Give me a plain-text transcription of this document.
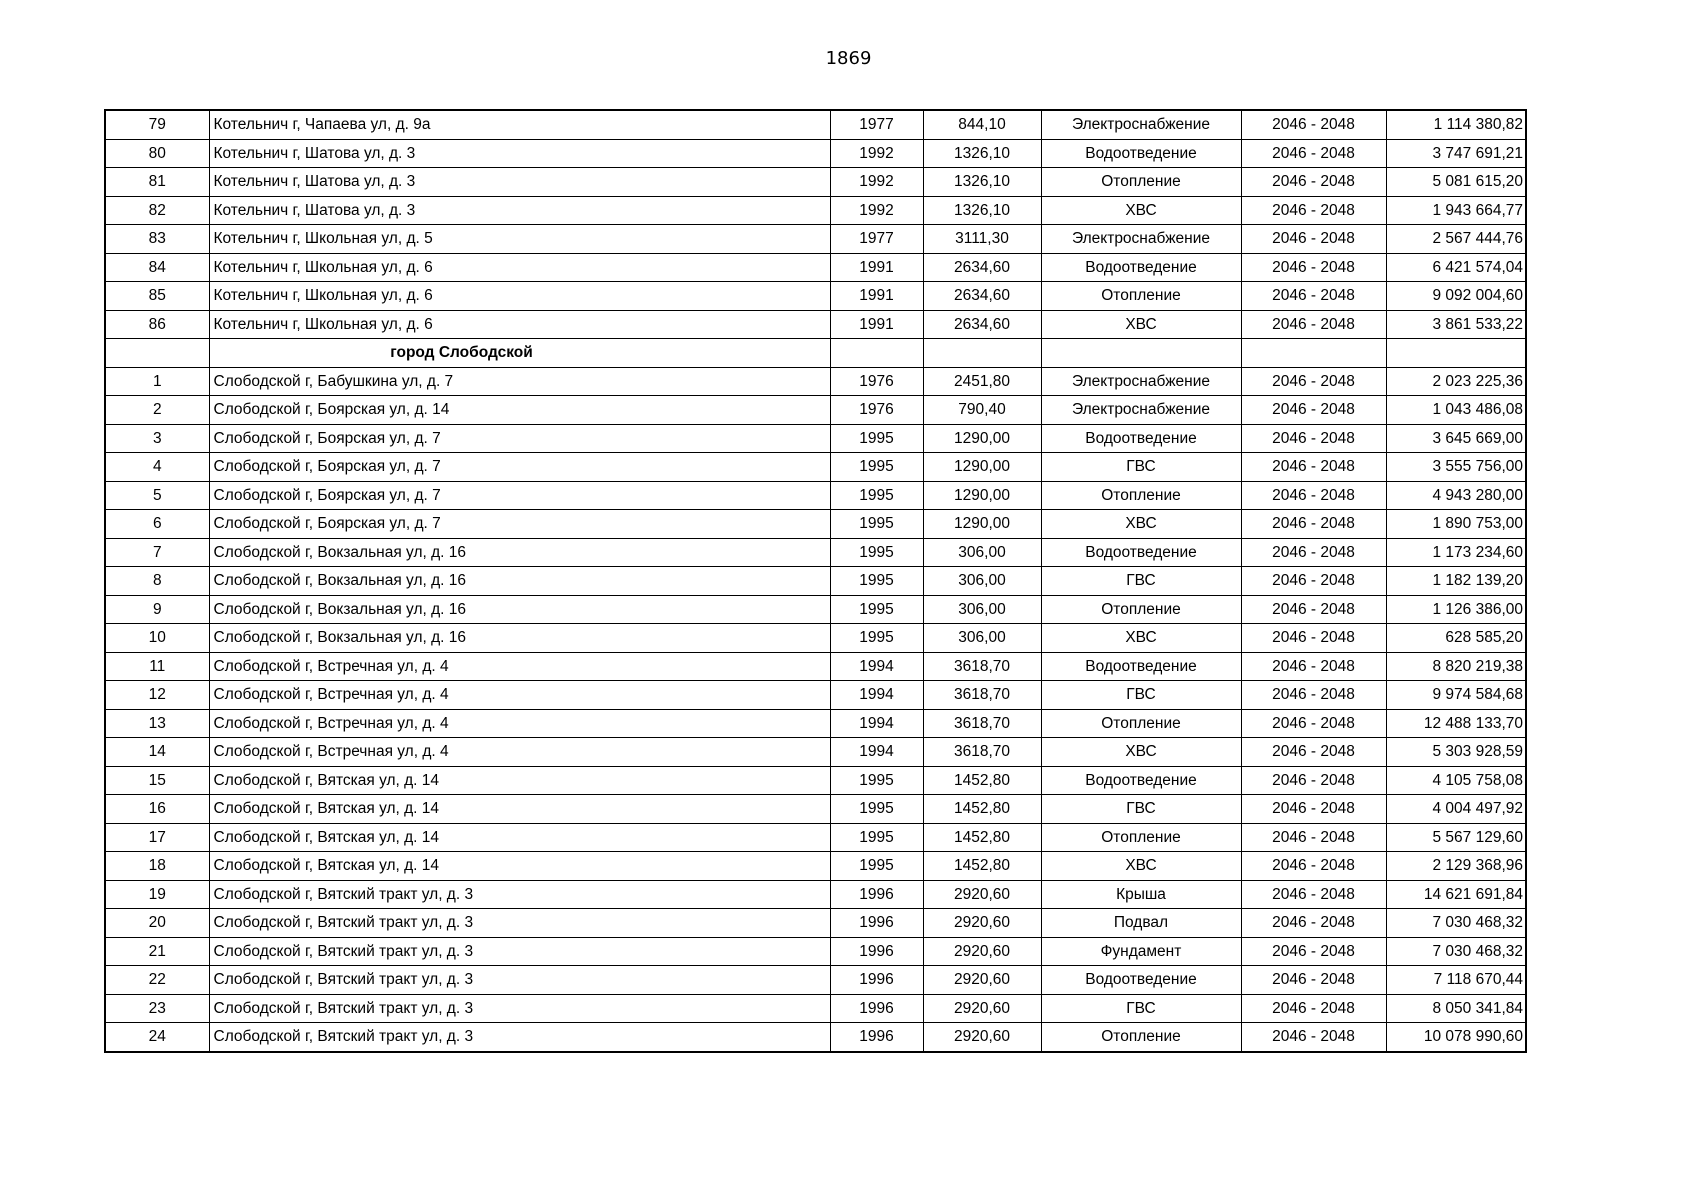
1869
79	Котельнич г, Чапаева ул, д. 9а	1977	844,10	Электроснабжение	2046 - 2048	1 114 380,82
80	Котельнич г, Шатова ул, д. 3	1992	1326,10	Водоотведение	2046 - 2048	3 747 691,21
81	Котельнич г, Шатова ул, д. 3	1992	1326,10	Отопление	2046 - 2048	5 081 615,20
82	Котельнич г, Шатова ул, д. 3	1992	1326,10	ХВС	2046 - 2048	1 943 664,77
83	Котельнич г, Школьная ул, д. 5	1977	3111,30	Электроснабжение	2046 - 2048	2 567 444,76
84	Котельнич г, Школьная ул, д. 6	1991	2634,60	Водоотведение	2046 - 2048	6 421 574,04
85	Котельнич г, Школьная ул, д. 6	1991	2634,60	Отопление	2046 - 2048	9 092 004,60
86	Котельнич г, Школьная ул, д. 6	1991	2634,60	ХВС	2046 - 2048	3 861 533,22
	город Слободской					
1	Слободской г, Бабушкина ул, д. 7	1976	2451,80	Электроснабжение	2046 - 2048	2 023 225,36
2	Слободской г, Боярская ул, д. 14	1976	790,40	Электроснабжение	2046 - 2048	1 043 486,08
3	Слободской г, Боярская ул, д. 7	1995	1290,00	Водоотведение	2046 - 2048	3 645 669,00
4	Слободской г, Боярская ул, д. 7	1995	1290,00	ГВС	2046 - 2048	3 555 756,00
5	Слободской г, Боярская ул, д. 7	1995	1290,00	Отопление	2046 - 2048	4 943 280,00
6	Слободской г, Боярская ул, д. 7	1995	1290,00	ХВС	2046 - 2048	1 890 753,00
7	Слободской г, Вокзальная ул, д. 16	1995	306,00	Водоотведение	2046 - 2048	1 173 234,60
8	Слободской г, Вокзальная ул, д. 16	1995	306,00	ГВС	2046 - 2048	1 182 139,20
9	Слободской г, Вокзальная ул, д. 16	1995	306,00	Отопление	2046 - 2048	1 126 386,00
10	Слободской г, Вокзальная ул, д. 16	1995	306,00	ХВС	2046 - 2048	628 585,20
11	Слободской г, Встречная ул, д. 4	1994	3618,70	Водоотведение	2046 - 2048	8 820 219,38
12	Слободской г, Встречная ул, д. 4	1994	3618,70	ГВС	2046 - 2048	9 974 584,68
13	Слободской г, Встречная ул, д. 4	1994	3618,70	Отопление	2046 - 2048	12 488 133,70
14	Слободской г, Встречная ул, д. 4	1994	3618,70	ХВС	2046 - 2048	5 303 928,59
15	Слободской г, Вятская ул, д. 14	1995	1452,80	Водоотведение	2046 - 2048	4 105 758,08
16	Слободской г, Вятская ул, д. 14	1995	1452,80	ГВС	2046 - 2048	4 004 497,92
17	Слободской г, Вятская ул, д. 14	1995	1452,80	Отопление	2046 - 2048	5 567 129,60
18	Слободской г, Вятская ул, д. 14	1995	1452,80	ХВС	2046 - 2048	2 129 368,96
19	Слободской г, Вятский тракт ул, д. 3	1996	2920,60	Крыша	2046 - 2048	14 621 691,84
20	Слободской г, Вятский тракт ул, д. 3	1996	2920,60	Подвал	2046 - 2048	7 030 468,32
21	Слободской г, Вятский тракт ул, д. 3	1996	2920,60	Фундамент	2046 - 2048	7 030 468,32
22	Слободской г, Вятский тракт ул, д. 3	1996	2920,60	Водоотведение	2046 - 2048	7 118 670,44
23	Слободской г, Вятский тракт ул, д. 3	1996	2920,60	ГВС	2046 - 2048	8 050 341,84
24	Слободской г, Вятский тракт ул, д. 3	1996	2920,60	Отопление	2046 - 2048	10 078 990,60
